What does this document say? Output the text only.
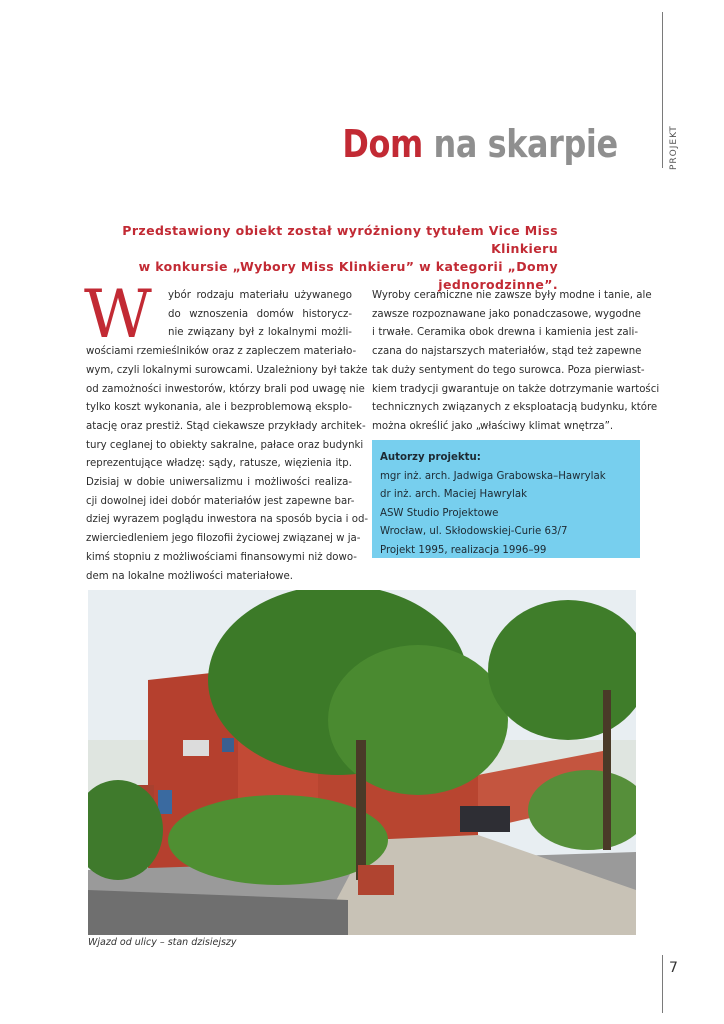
PROJEKT
Dom na skarpie

Przedstawiony obiekt został wyróżniony tytułem Vice Miss Klinkieru
w konkursie „Wybory Miss Klinkieru” w kategorii „Domy jednorodzinne”.

W	ybór rodzaju materiału używanego
do wznoszenia domów historycz-
nie związany był z lokalnymi możli-
wościami rzemieślników oraz z zapleczem materiało-
wym, czyli lokalnymi surowcami. Uzależniony był także
od zamożności inwestorów, którzy brali pod uwagę nie
tylko koszt wykonania, ale i bezproblemową eksplo-
atację oraz prestiż. Stąd ciekawsze przykłady architek-
tury ceglanej to obiekty sakralne, pałace oraz budynki
reprezentujące władzę: sądy, ratusze, więzienia itp.
Dzisiaj w dobie uniwersalizmu i możliwości realiza-
cji dowolnej idei dobór materiałów jest zapewne bar-
dziej wyrazem poglądu inwestora na sposób bycia i od-
zwierciedleniem jego filozofii życiowej związanej w ja-
kimś stopniu z możliwościami finansowymi niż dowo-
dem na lokalne możliwości materiałowe.
Wyroby ceramiczne nie zawsze były modne i tanie, ale
zawsze rozpoznawane jako ponadczasowe, wygodne
i trwałe. Ceramika obok drewna i kamienia jest zali-
czana do najstarszych materiałów, stąd też zapewne
tak duży sentyment do tego surowca. Poza pierwiast-
kiem tradycji gwarantuje on także dotrzymanie wartości
technicznych związanych z eksploatacją budynku, które
można określić jako „właściwy klimat wnętrza”.
Autorzy projektu:
mgr inż. arch. Jadwiga Grabowska–Hawrylak
dr inż. arch. Maciej Hawrylak
ASW Studio Projektowe
Wrocław, ul. Skłodowskiej-Curie 63/7
Projekt 1995, realizacja 1996–99
Wjazd od ulicy – stan dzisiejszy
7
